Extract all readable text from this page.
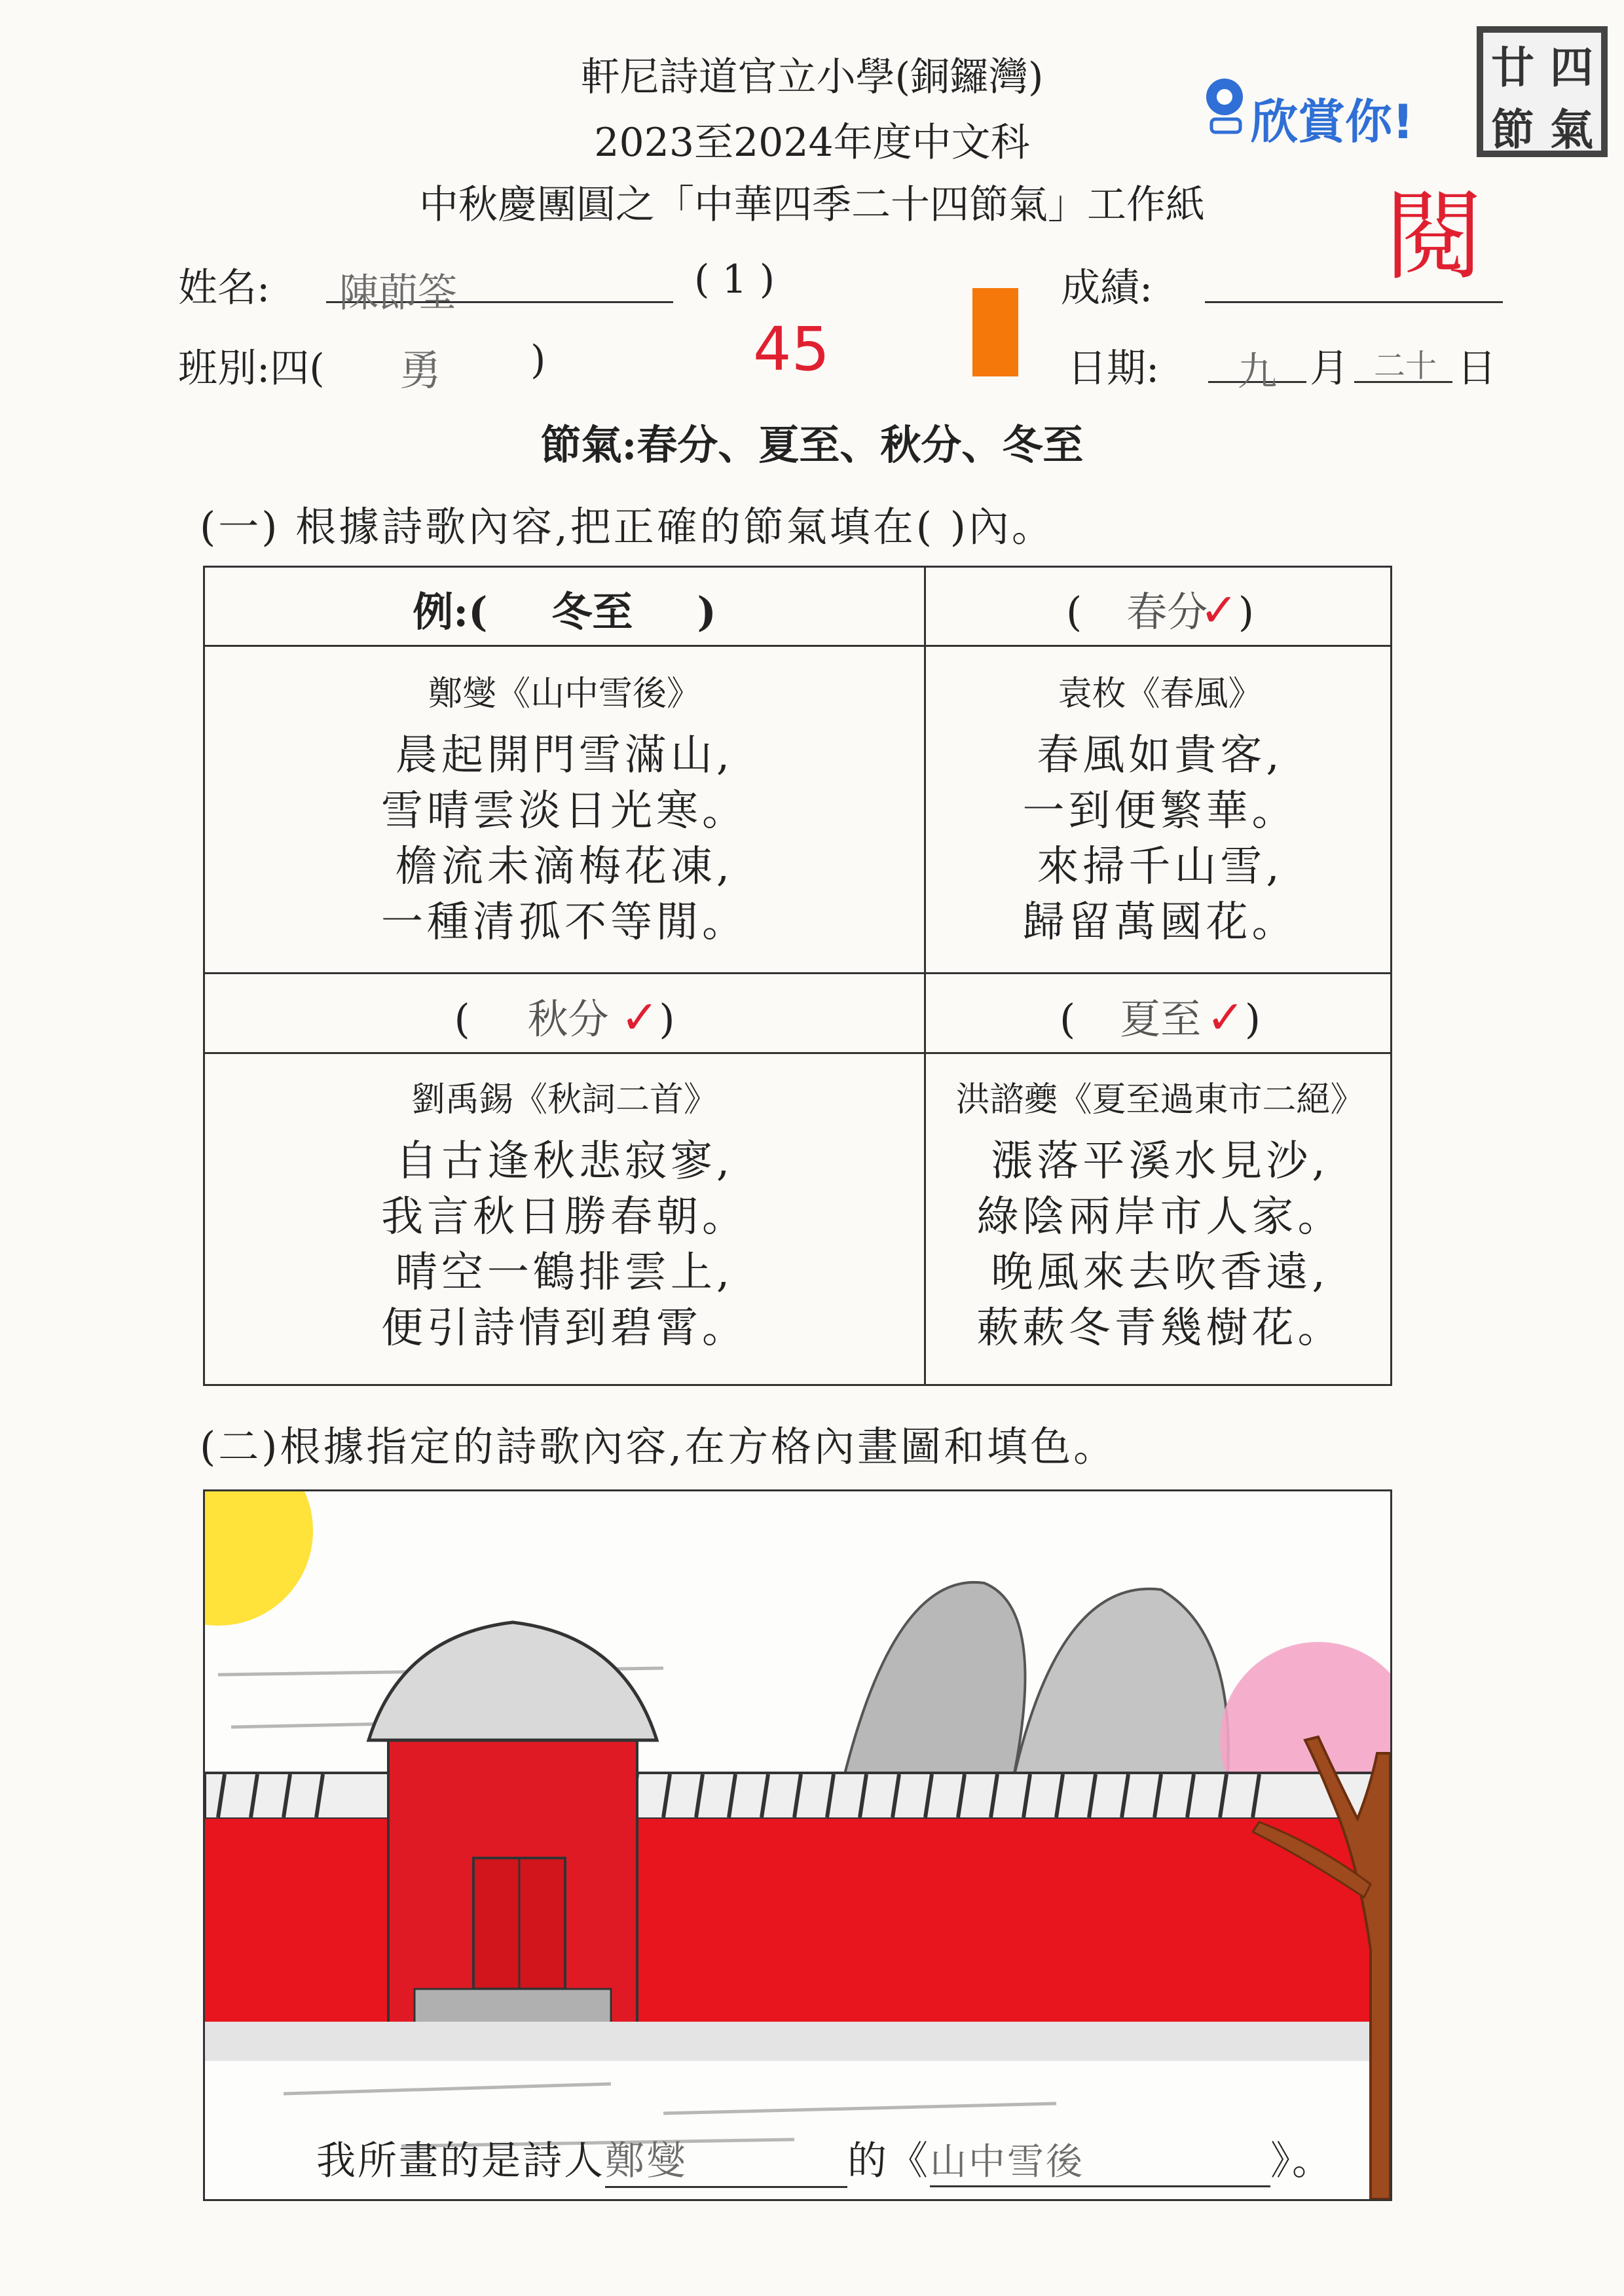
軒尼詩道官立小學(銅鑼灣)
2023至2024年度中文科
中秋慶團圓之「中華四季二十四節氣」工作紙
廿 四
節 氣
欣賞你!
閱
姓名:	陳莭筌	( 1 )	成績:
班別:四( 勇 )	45	日期:	九 月 二十 日
節氣:春分、夏至、秋分、冬至
(一) 根據詩歌內容,把正確的節氣填在( )內。
例:( 冬至 )	( 春分✓)
鄭燮《山中雪後》
晨起開門雪滿山,
雪晴雲淡日光寒。
檐流未滴梅花凍,
一種清孤不等閒。
袁枚《春風》
春風如貴客,
一到便繁華。
來掃千山雪,
歸留萬國花。
( 秋分 ✓)	( 夏至 ✓)
劉禹錫《秋詞二首》
自古逢秋悲寂寥,
我言秋日勝春朝。
晴空一鶴排雲上,
便引詩情到碧霄。
洪諮夔《夏至過東市二絕》
漲落平溪水見沙,
綠陰兩岸市人家。
晚風來去吹香遠,
蔌蔌冬青幾樹花。
(二)根據指定的詩歌內容,在方格內畫圖和填色。
我所畫的是詩人鄭燮	的《山中雪後	》。
